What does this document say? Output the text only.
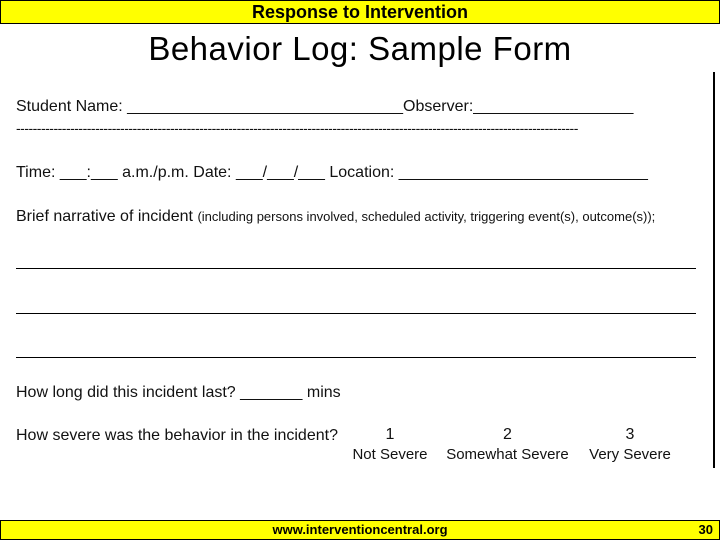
Response to Intervention
Behavior Log: Sample Form
Student Name: _______________________________Observer:__________________
---------------------------------------------------------------------------------------------------------------------------------------
Time: ___:___ a.m./p.m. Date: ___/___/___ Location: ____________________________
Brief narrative of incident (including persons involved, scheduled activity, triggering event(s), outcome(s));
How long did this incident last? _______ mins
How severe was the behavior in the incident?	1
Not Severe
2
Somewhat Severe
3
Very Severe
www.interventioncentral.org	30
